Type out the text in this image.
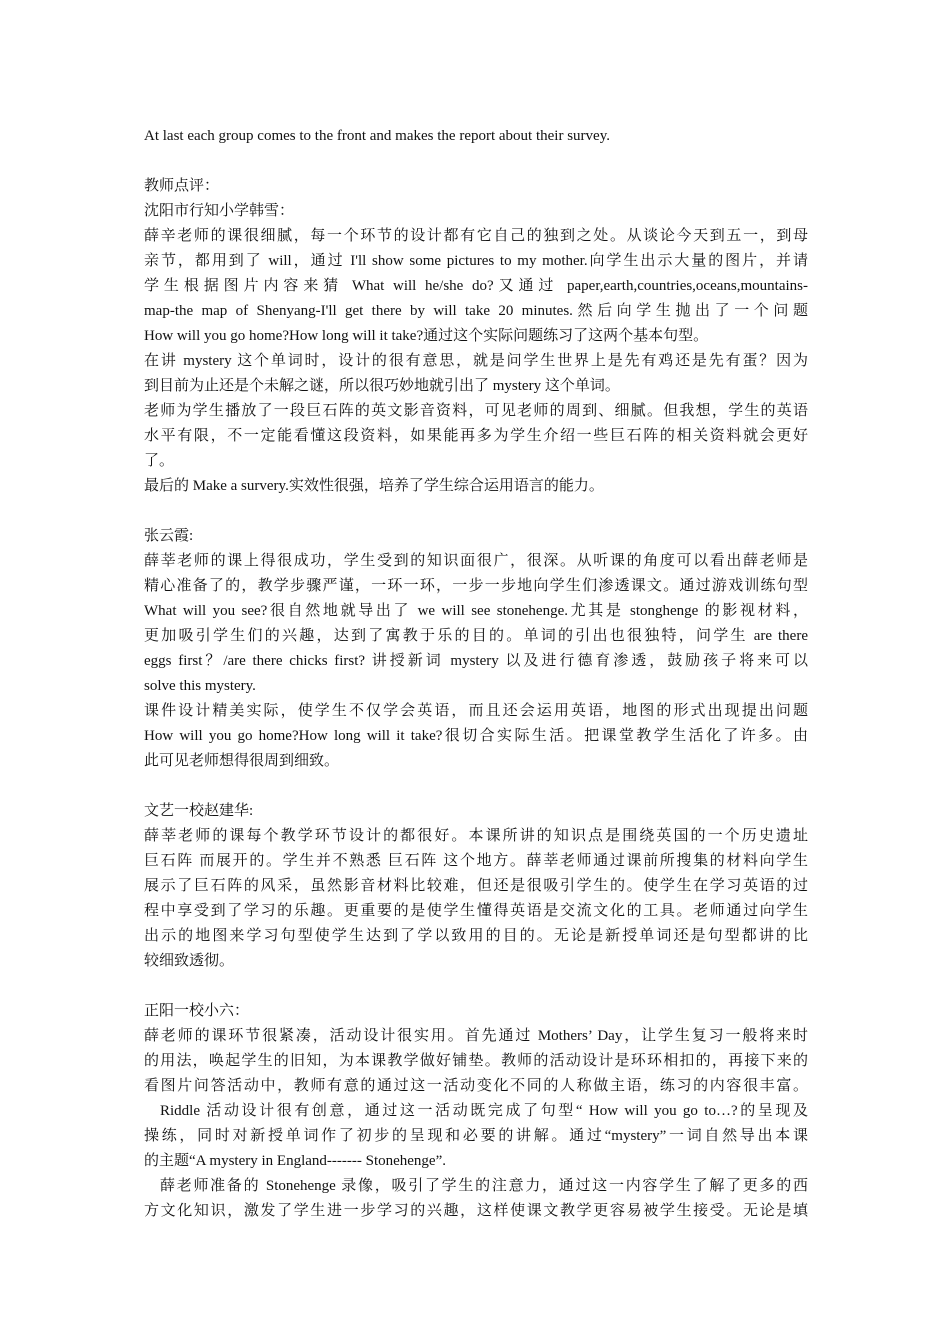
At last each group comes to the front and makes the report about their survey.
教师点评：
沈阳市行知小学韩雪：
薛辛老师的课很细腻，每一个环节的设计都有它自己的独到之处。从谈论今天到五一，到母
亲节，都用到了 will，通过 I'll show some pictures to my mother.向学生出示大量的图片，并请
学生根据图片内容来猜 What will he/she do?又通过 paper,earth,countries,oceans,mountains-
map-the map of Shenyang-I'll get there by will take 20 minutes.然后向学生抛出了一个问题
How will you go home?How long will it take?通过这个实际问题练习了这两个基本句型。
在讲 mystery 这个单词时，设计的很有意思，就是问学生世界上是先有鸡还是先有蛋？因为
到目前为止还是个未解之谜，所以很巧妙地就引出了 mystery 这个单词。
老师为学生播放了一段巨石阵的英文影音资料，可见老师的周到、细腻。但我想，学生的英语
水平有限，不一定能看懂这段资料，如果能再多为学生介绍一些巨石阵的相关资料就会更好
了。
最后的 Make a survery.实效性很强，培养了学生综合运用语言的能力。
张云霞:
薛莘老师的课上得很成功，学生受到的知识面很广，很深。从听课的角度可以看出薛老师是
精心准备了的，教学步骤严谨，一环一环，一步一步地向学生们渗透课文。通过游戏训练句型
What will you see?很自然地就导出了 we will see stonehenge.尤其是 stonghenge 的影视材料，
更加吸引学生们的兴趣，达到了寓教于乐的目的。单词的引出也很独特，问学生 are there
eggs first？/are there chicks first? 讲授新词 mystery 以及进行德育渗透，鼓励孩子将来可以
solve this mystery.
课件设计精美实际，使学生不仅学会英语，而且还会运用英语，地图的形式出现提出问题
How will you go home?How long will it take?很切合实际生活。把课堂教学生活化了许多。由
此可见老师想得很周到细致。
文艺一校赵建华:
薛莘老师的课每个教学环节设计的都很好。本课所讲的知识点是围绕英国的一个历史遗址
巨石阵 而展开的。学生并不熟悉 巨石阵 这个地方。薛莘老师通过课前所搜集的材料向学生
展示了巨石阵的风采，虽然影音材料比较难，但还是很吸引学生的。使学生在学习英语的过
程中享受到了学习的乐趣。更重要的是使学生懂得英语是交流文化的工具。老师通过向学生
出示的地图来学习句型使学生达到了学以致用的目的。无论是新授单词还是句型都讲的比
较细致透彻。
正阳一校小六：
薛老师的课环节很紧凑，活动设计很实用。首先通过 Mothers’ Day，让学生复习一般将来时
的用法，唤起学生的旧知，为本课教学做好铺垫。教师的活动设计是环环相扣的，再接下来的
看图片问答活动中，教师有意的通过这一活动变化不同的人称做主语，练习的内容很丰富。
Riddle 活动设计很有创意，通过这一活动既完成了句型“ How will you go to…?的呈现及
操练，同时对新授单词作了初步的呈现和必要的讲解。通过“mystery”一词自然导出本课
的主题“A mystery in England------- Stonehenge”.
薛老师准备的 Stonehenge 录像，吸引了学生的注意力，通过这一内容学生了解了更多的西
方文化知识，激发了学生进一步学习的兴趣，这样使课文教学更容易被学生接受。无论是填
